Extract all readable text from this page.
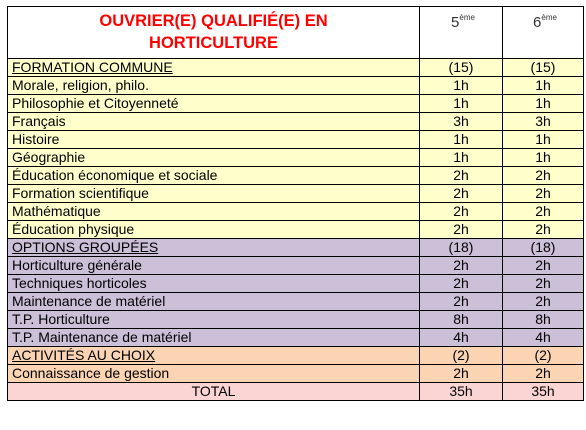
OUVRIER(E) QUALIFIÉ(E) EN
HORTICULTURE	5ème	6ème
FORMATION COMMUNE	(15)	(15)
Morale, religion, philo.	1h	1h
Philosophie et Citoyenneté	1h	1h
Français	3h	3h
Histoire	1h	1h
Géographie	1h	1h
Éducation économique et sociale	2h	2h
Formation scientifique	2h	2h
Mathématique	2h	2h
Éducation physique	2h	2h
OPTIONS GROUPÉES	(18)	(18)
Horticulture générale	2h	2h
Techniques horticoles	2h	2h
Maintenance de matériel	2h	2h
T.P. Horticulture	8h	8h
T.P. Maintenance de matériel	4h	4h
ACTIVITÉS AU CHOIX	(2)	(2)
Connaissance de gestion	2h	2h
TOTAL	35h	35h
